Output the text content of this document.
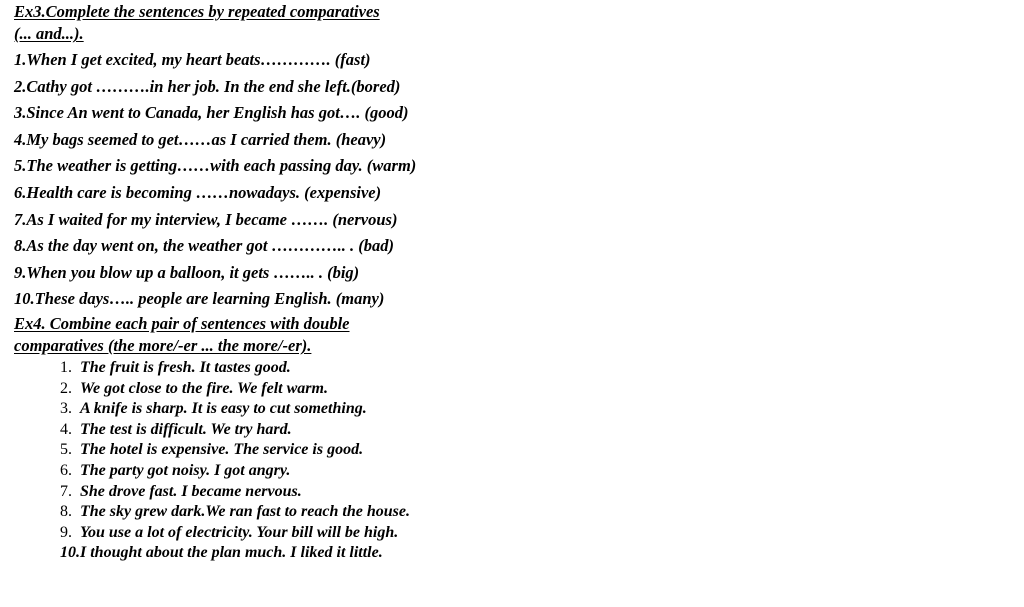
Ex3.Complete the sentences by repeated comparatives
(... and...).
1.When I get excited, my heart beats…………. (fast)
2.Cathy got ……….in her job. In the end she left.(bored)
3.Since An went to Canada, her English has got…. (good)
4.My bags seemed to get……as I carried them. (heavy)
5.The weather is getting……with each passing day. (warm)
6.Health care is becoming ……nowadays. (expensive)
7.As I waited for my interview, I became ……. (nervous)
8.As the day went on, the weather got ………….. . (bad)
9.When you blow up a balloon, it gets …….. . (big)
10.These days….. people are learning English. (many)
Ex4. Combine each pair of sentences with double
comparatives (the more/-er ... the more/-er).
1. The fruit is fresh. It tastes good.
2. We got close to the fire. We felt warm.
3. A knife is sharp. It is easy to cut something.
4. The test is difficult. We try hard.
5. The hotel is expensive. The service is good.
6. The party got noisy. I got angry.
7. She drove fast. I became nervous.
8. The sky grew dark.We ran fast to reach the house.
9. You use a lot of electricity. Your bill will be high.
10. I thought about the plan much. I liked it little.
